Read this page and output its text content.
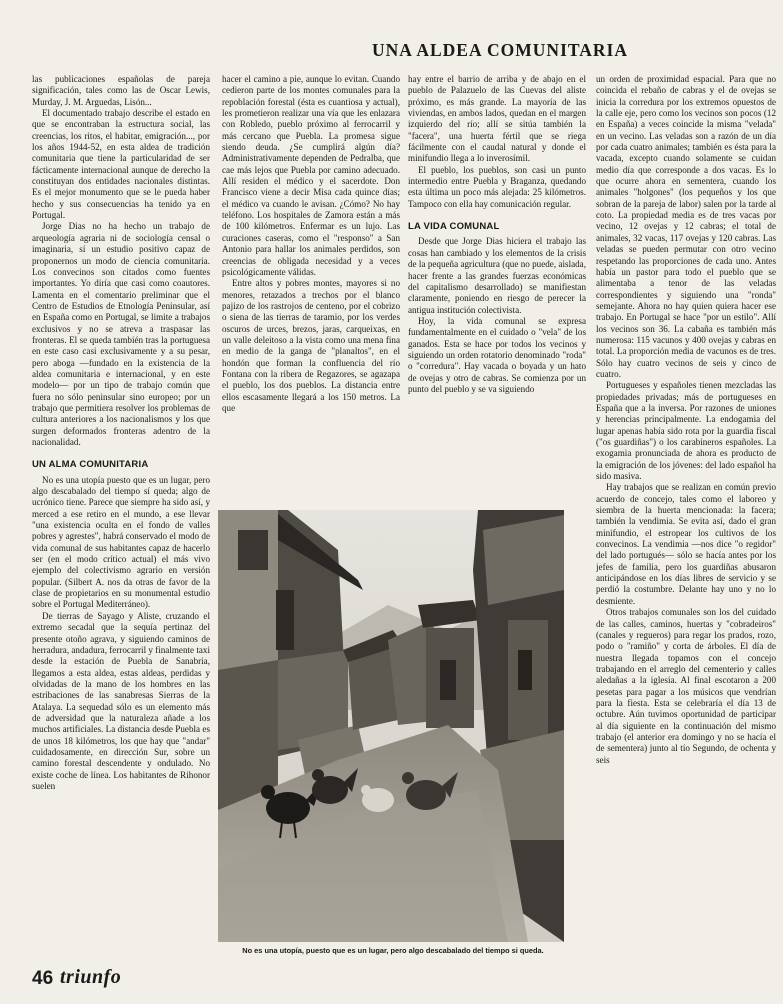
UNA ALDEA COMUNITARIA

las publicaciones españolas de pareja significación, tales como las de Oscar Lewis, Murday, J. M. Arguedas, Lisón...

El documentado trabajo describe el estado en que se encontraban la estructura social, las creencias, los ritos, el habitar, emigración..., por los años 1944-52, en esta aldea de tradición comunitaria que tiene la particularidad de ser fácticamente internacional aunque de derecho la constituyan dos entidades nacionales distintas. Es el mejor monumento que se le pueda haber hecho y sus consecuencias ha tenido ya en Portugal.

Jorge Dias no ha hecho un trabajo de arqueología agraria ni de sociología censal o imaginaria, sí un estudio positivo capaz de proponernos un modo de ciencia comunitaria. Los convecinos son citados como fuentes importantes. Yo diría que casi como coautores. Lamenta en el comentario preliminar que el Centro de Estudios de Etnología Peninsular, así en España como en Portugal, se limite a trabajos exclusivos y no se atreva a traspasar las fronteras. El se queda también tras la portuguesa en este caso casi exclusivamente y a su pesar, pero aboga —fundado en la existencia de la aldea comunitaria e internacional, y en este modelo— por un tipo de trabajo común que fuera no sólo peninsular sino europeo; por un trabajo que permitiera resolver los problemas de cultura anteriores a los nacionalismos y los que surgen deformados fronteras adentro de la nacionalidad.

UN ALMA COMUNITARIA

No es una utopía puesto que es un lugar, pero algo descabalado del tiempo sí queda; algo de ucrónico tiene. Parece que siempre ha sido así, y merced a ese retiro en el mundo, a ese llevar "una existencia oculta en el fondo de valles pobres y agrestes", habrá conservado el modo de vida comunal de sus habitantes capaz de hacerlo ser (en el modo crítico actual) el más vivo ejemplo del colectivismo agrario en versión popular. (Silbert A. nos da otras de favor de la clase de propietarios en su monumental estudio sobre el Portugal Mediterráneo).

De tierras de Sayago y Aliste, cruzando el extremo secadal que la sequía pertinaz del presente otoño agrava, y siguiendo caminos de herradura, andadura, ferrocarril y finalmente taxi desde la estación de Puebla de Sanabria, llegamos a esta aldea, estas aldeas, perdidas y olvidadas de la mano de los hombres en las estribaciones de las sanabresas Sierras de la Atalaya. La sequedad sólo es un elemento más de adversidad que la naturaleza añade a los muchos artificiales. La distancia desde Puebla es de unos 18 kilómetros, los que hay que "andar" cuidadosamente, en dirección Sur, sobre un camino forestal descendente y ondulado. No existe coche de línea. Los habitantes de Rihonor suelen

hacer el camino a pie, aunque lo evitan. Cuando cedieron parte de los montes comunales para la repoblación forestal (ésta es cuantiosa y actual), les prometieron realizar una vía que les enlazara con Robledo, pueblo próximo al ferrocarril y más cercano que Puebla. La promesa sigue siendo deuda. ¿Se cumplirá algún día? Administrativamente dependen de Pedralba, que cae más lejos que Puebla por camino adecuado. Allí residen el médico y el sacerdote. Don Francisco viene a decir Misa cada quince días; el médico va cuando le avisan. ¿Cómo? No hay teléfono. Los hospitales de Zamora están a más de 100 kilómetros. Enfermar es un lujo. Las curaciones caseras, como el "responso" a San Antonio para hallar los animales perdidos, son creencias de obligada necesidad y a veces psicológicamente válidas.

Entre altos y pobres montes, mayores si no menores, retazados a trechos por el blanco pajizo de los rastrojos de centeno, por el cobrizo o siena de las tierras de taramio, por los verdes oscuros de urces, brezos, jaras, carqueixas, en un valle deleitoso a la vista como una mena fina en medio de la ganga de "planaltos", en el hondón que forman la confluencia del río Fontana con la ribera de Regazores, se agazapa el pueblo, los dos pueblos. La distancia entre ellos escasamente llegará a los 150 metros. La que

hay entre el barrio de arriba y de abajo en el pueblo de Palazuelo de las Cuevas del aliste próximo, es más grande. La mayoría de las viviendas, en ambos lados, quedan en el margen izquierdo del río; allí se sitúa también la "facera", una huerta fértil que se riega fácilmente con el caudal natural y donde el minifundio llega a lo inverosímil.

El pueblo, los pueblos, son casi un punto intermedio entre Puebla y Braganza, quedando esta última un poco más alejada: 25 kilómetros. Tampoco con ella hay comunicación regular.

LA VIDA COMUNAL

Desde que Jorge Dias hiciera el trabajo las cosas han cambiado y los elementos de la crisis de la pequeña agricultura (que no puede, aislada, hacer frente a las grandes fuerzas económicas del capitalismo desarrollado) se manifiestan claramente, poniendo en riesgo de perecer la antigua institución colectivista.

Hoy, la vida comunal se expresa fundamentalmente en el cuidado o "vela" de los ganados. Esta se hace por todos los vecinos y siguiendo un orden rotatorio denominado "roda" o "corredura". Hay vacada o boyada y un hato de ovejas y otro de cabras. Se comienza por un punto del pueblo y se va siguiendo

un orden de proximidad espacial. Para que no coincida el rebaño de cabras y el de ovejas se inicia la corredura por los extremos opuestos de la calle eje, pero como los vecinos son pocos (12 en España) a veces coincide la misma "velada" en un vecino. Las veladas son a razón de un día por cada cuatro animales; también es ésta para la vacada, excepto cuando solamente se cuidan medio día que corresponde a dos vacas. Es lo que ocurre ahora en sementera, cuando los animales "holgones" (los pequeños y los que sobran de la pareja de labor) salen por la tarde al coto. La propiedad media es de tres vacas por vecino, 12 ovejas y 12 cabras; el total de animales, 32 vacas, 117 ovejas y 120 cabras. Las veladas se pueden permutar con otro vecino respetando las proporciones de cada uno. Antes había un pastor para todo el pueblo que se alimentaba a tenor de las veladas correspondientes y siguiendo una "ronda" semejante. Ahora no hay quien quiera hacer ese trabajo. En Portugal se hace "por un estilo". Allí los vecinos son 36. La cabaña es también más numerosa: 115 vacunos y 400 ovejas y cabras en total. La proporción media de vacunos es de tres. Sólo hay cuatro vecinos de seis y cinco de cuatro.

Portugueses y españoles tienen mezcladas las propiedades privadas; más de portugueses en España que a la inversa. Por razones de uniones y herencias principalmente. La endogamia del lugar apenas había sido rota por la guardia fiscal ("os guardiñas") o los carabineros españoles. La exogamia pronunciada de ahora es producto de la emigración de los jóvenes: del lado español ha sido masiva.

Hay trabajos que se realizan en común previo acuerdo de concejo, tales como el laboreo y siembra de la huerta mencionada: la facera; también la vendimia. Se evita así, dado el gran minifundio, el estropear los cultivos de los convecinos. La vendimia —nos dice "o regidor" del lado portugués— sólo se hacía antes por los jefes de familia, pero los guardiñas abusaron anticipándose en los días libres de servicio y se perdió la costumbre. Delante hay uno y no lo desmiente.

Otros trabajos comunales son los del cuidado de las calles, caminos, huertas y "cobradeiros" (canales y regueros) para regar los prados, rozo, podo o "ramiño" y corta de árboles. El día de nuestra llegada topamos con el concejo trabajando en el arreglo del cementerio y calles aledañas a la iglesia. Al final escotaron a 200 pesetas para pagar a los músicos que vendrían para la fiesta. Esta se celebraría el día 13 de octubre. Aún tuvimos oportunidad de participar al día siguiente en la continuación del mismo trabajo (el anterior era domingo y no se hacía el de sementera) junto al tío Segundo, de ochenta y seis

No es una utopía, puesto que es un lugar, pero algo descabalado del tiempo si queda.
46 triunfo
